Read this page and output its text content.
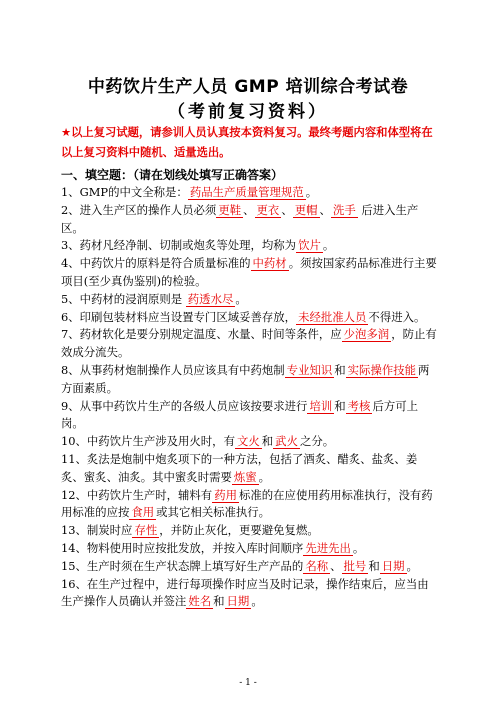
中药饮片生产人员 GMP 培训综合考试卷
（考前复习资料）
★以上复习试题，请参训人员认真按本资料复习。最终考题内容和体型将在以上复习资料中随机、适量选出。
一、填空题：（请在划线处填写正确答案）

1、GMP的中文全称是： 药品生产质量管理规范 。

2、进入生产区的操作人员必须 更鞋 、 更衣 、 更帽 、 洗手 后进入生产区。

3、药材凡经净制、切制或炮炙等处理，均称为 饮片 。

4、中药饮片的原料是符合质量标准的 中药材 。须按国家药品标准进行主要项目(至少真伪鉴别)的检验。

5、中药材的浸润原则是 药透水尽 。

6、印刷包装材料应当设置专门区域妥善存放， 未经批准人员 不得进入。

7、药材软化是要分别规定温度、水量、时间等条件，应 少泡多润 ，防止有效成分流失。

8、从事药材炮制操作人员应该具有中药炮制 专业知识 和 实际操作技能 两方面素质。

9、从事中药饮片生产的各级人员应该按要求进行 培训 和 考核 后方可上岗。

10、中药饮片生产涉及用火时，有 文火 和 武火 之分。

11、炙法是炮制中炮炙项下的一种方法，包括了酒炙、醋炙、盐炙、姜炙、蜜炙、油炙。其中蜜炙时需要 炼蜜 。

12、中药饮片生产时，辅料有 药用 标准的在应使用药用标准执行，没有药用标准的应按 食用 或其它相关标准执行。

13、制炭时应 存性 ，并防止灰化，更要避免复燃。

14、物料使用时应按批发放，并按入库时间顺序 先进先出 。

15、生产时须在生产状态牌上填写好生产产品的 名称 、 批号 和 日期 。

16、在生产过程中，进行每项操作时应当及时记录，操作结束后，应当由生产操作人员确认并签注 姓名 和 日期 。

- 1 -
